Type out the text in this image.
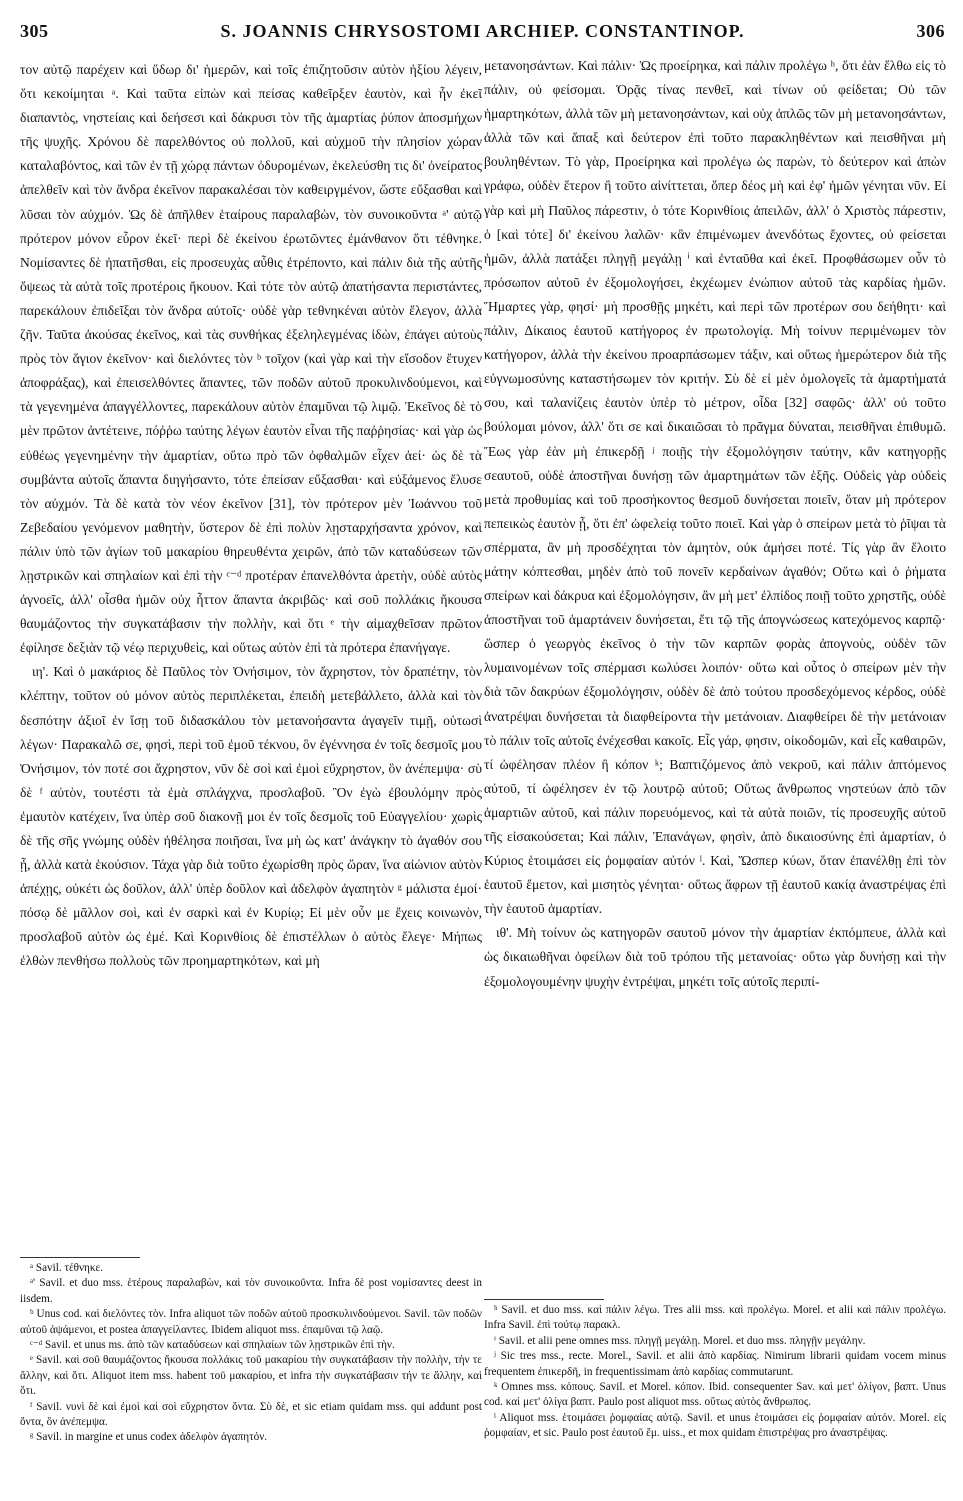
305	S. JOANNIS CHRYSOSTOMI ARCHIEP. CONSTANTINOP.	306

τον αὐτῷ παρέχειν καὶ ὕδωρ δι' ἡμερῶν, καὶ τοῖς ἐπιζητοῦσιν αὐτὸν ἠξίου λέγειν, ὅτι κεκοίμηται ᵃ. Καὶ ταῦτα εἰπὼν καὶ πείσας καθεῖρξεν ἑαυτὸν, καὶ ἦν ἐκεῖ διαπαντὸς, νηστείαις καὶ δεήσεσι καὶ δάκρυσι τὸν τῆς ἁμαρτίας ῥύπον ἀποσμήχων τῆς ψυχῆς. Χρόνου δὲ παρελθόντος οὐ πολλοῦ, καὶ αὐχμοῦ τὴν πλησίον χώραν καταλαβόντος, καὶ τῶν ἐν τῇ χώρᾳ πάντων ὀδυρομένων, ἐκελεύσθη τις δι' ὀνείρατος ἀπελθεῖν καὶ τὸν ἄνδρα ἐκεῖνον παρακαλέσαι τὸν καθειργμένον, ὥστε εὔξασθαι καὶ λῦσαι τὸν αὐχμόν. Ὡς δὲ ἀπῆλθεν ἑταίρους παραλαβὼν, τὸν συνοικοῦντα ᵃ' αὐτῷ πρότερον μόνον εὗρον ἐκεῖ· περὶ δὲ ἐκείνου ἐρωτῶντες ἐμάνθανον ὅτι τέθνηκε. Νομίσαντες δὲ ἠπατῆσθαι, εἰς προσευχὰς αὖθις ἐτρέποντο, καὶ πάλιν διὰ τῆς αὐτῆς ὄψεως τὰ αὐτὰ τοῖς προτέροις ἤκουον. Καὶ τότε τὸν αὐτῷ ἀπατήσαντα περιστάντες, παρεκάλουν ἐπιδεῖξαι τὸν ἄνδρα αὐτοῖς· οὐδὲ γὰρ τεθνηκέναι αὐτὸν ἔλεγον, ἀλλὰ ζῆν. Ταῦτα ἀκούσας ἐκεῖνος, καὶ τὰς συνθήκας ἐξεληλεγμένας ἰδὼν, ἐπάγει αὐτοὺς πρὸς τὸν ἅγιον ἐκεῖνον· καὶ διελόντες τὸν ᵇ τοῖχον (καὶ γὰρ καὶ τὴν εἴσοδον ἔτυχεν ἀποφράξας), καὶ ἐπεισελθόντες ἅπαντες, τῶν ποδῶν αὐτοῦ προκυλινδούμενοι, καὶ τὰ γεγενημένα ἀπαγγέλλοντες, παρεκάλουν αὐτὸν ἐπαμῦναι τῷ λιμῷ. Ἐκεῖνος δὲ τὸ μὲν πρῶτον ἀντέτεινε, πόῤῥω ταύτης λέγων ἑαυτὸν εἶναι τῆς παῤῥησίας· καὶ γὰρ ὡς εὐθέως γεγενημένην τὴν ἁμαρτίαν, οὕτω πρὸ τῶν ὀφθαλμῶν εἶχεν ἀεί· ὡς δὲ τὰ συμβάντα αὐτοῖς ἅπαντα διηγήσαντο, τότε ἐπείσαν εὔξασθαι· καὶ εὐξάμενος ἔλυσε τὸν αὐχμόν. Τὰ δὲ κατὰ τὸν νέον ἐκεῖνον [31], τὸν πρότερον μὲν Ἰωάννου τοῦ Ζεβεδαίου γενόμενον μαθητὴν, ὕστερον δὲ ἐπὶ πολὺν λῃσταρχήσαντα χρόνον, καὶ πάλιν ὑπὸ τῶν ἁγίων τοῦ μακαρίου θηρευθέντα χειρῶν, ἀπὸ τῶν καταδύσεων τῶν λῃστρικῶν καὶ σπηλαίων καὶ ἐπὶ τὴν ᶜ⁻ᵈ προτέραν ἐπανελθόντα ἀρετὴν, οὐδὲ αὐτὸς ἀγνοεῖς, ἀλλ' οἶσθα ἡμῶν οὐχ ἧττον ἅπαντα ἀκριβῶς· καὶ σοῦ πολλάκις ἤκουσα θαυμάζοντος τὴν συγκατάβασιν τὴν πολλὴν, καὶ ὅτι ᵉ τὴν αἱμαχθεῖσαν πρῶτον ἐφίλησε δεξιὰν τῷ νέῳ περιχυθεὶς, καὶ οὕτως αὐτὸν ἐπὶ τὰ πρότερα ἐπανήγαγε.

ιη'. Καὶ ὁ μακάριος δὲ Παῦλος τὸν Ὀνήσιμον, τὸν ἄχρηστον, τὸν δραπέτην, τὸν κλέπτην, τοῦτον οὐ μόνον αὐτὸς περιπλέκεται, ἐπειδὴ μετεβάλλετο, ἀλλὰ καὶ τὸν δεσπότην ἀξιοῖ ἐν ἴσῃ τοῦ διδασκάλου τὸν μετανοήσαντα ἀγαγεῖν τιμῇ, οὑτωσὶ λέγων· Παρακαλῶ σε, φησὶ, περὶ τοῦ ἐμοῦ τέκνου, ὃν ἐγέννησα ἐν τοῖς δεσμοῖς μου Ὀνήσιμον, τόν ποτέ σοι ἄχρηστον, νῦν δὲ σοὶ καὶ ἐμοὶ εὔχρηστον, ὃν ἀνέπεμψα· σὺ δὲ ᶠ αὐτὸν, τουτέστι τὰ ἐμὰ σπλάγχνα, προσλαβοῦ. Ὃν ἐγὼ ἐβουλόμην πρὸς ἐμαυτὸν κατέχειν, ἵνα ὑπὲρ σοῦ διακονῇ μοι ἐν τοῖς δεσμοῖς τοῦ Εὐαγγελίου· χωρὶς δὲ τῆς σῆς γνώμης οὐδὲν ἠθέλησα ποιῆσαι, ἵνα μὴ ὡς κατ' ἀνάγκην τὸ ἀγαθόν σου ᾖ, ἀλλὰ κατὰ ἑκούσιον. Τάχα γὰρ διὰ τοῦτο ἐχωρίσθη πρὸς ὥραν, ἵνα αἰώνιον αὐτὸν ἀπέχῃς, οὐκέτι ὡς δοῦλον, ἀλλ' ὑπὲρ δοῦλον καὶ ἀδελφὸν ἀγαπητὸν ᵍ μάλιστα ἐμοί· πόσῳ δὲ μᾶλλον σοὶ, καὶ ἐν σαρκὶ καὶ ἐν Κυρίῳ; Εἰ μὲν οὖν με ἔχεις κοινωνὸν, προσλαβοῦ αὐτὸν ὡς ἐμέ. Καὶ Κορινθίοις δὲ ἐπιστέλλων ὁ αὐτὸς ἔλεγε· Μήπως ἐλθὼν πενθήσω πολλοὺς τῶν προημαρτηκότων, καὶ μὴ

μετανοησάντων. Καὶ πάλιν· Ὡς προείρηκα, καὶ πάλιν προλέγω ʰ, ὅτι ἐὰν ἔλθω εἰς τὸ πάλιν, οὐ φείσομαι. Ὁρᾷς τίνας πενθεῖ, καὶ τίνων οὐ φείδεται; Οὐ τῶν ἡμαρτηκότων, ἀλλὰ τῶν μὴ μετανοησάντων, καὶ οὐχ ἁπλῶς τῶν μὴ μετανοησάντων, ἀλλὰ τῶν καὶ ἅπαξ καὶ δεύτερον ἐπὶ τοῦτο παρακληθέντων καὶ πεισθῆναι μὴ βουληθέντων. Τὸ γὰρ, Προείρηκα καὶ προλέγω ὡς παρὼν, τὸ δεύτερον καὶ ἀπὼν γράφω, οὐδὲν ἕτερον ἢ τοῦτο αἰνίττεται, ὅπερ δέος μὴ καὶ ἐφ' ἡμῶν γένηται νῦν. Εἰ γὰρ καὶ μὴ Παῦλος πάρεστιν, ὁ τότε Κορινθίοις ἀπειλῶν, ἀλλ' ὁ Χριστὸς πάρεστιν, ὁ [καὶ τότε] δι' ἐκείνου λαλῶν· κἂν ἐπιμένωμεν ἀνενδότως ἔχοντες, οὐ φείσεται ἡμῶν, ἀλλὰ πατάξει πληγῇ μεγάλῃ ⁱ καὶ ἐνταῦθα καὶ ἐκεῖ. Προφθάσωμεν οὖν τὸ πρόσωπον αὐτοῦ ἐν ἐξομολογήσει, ἐκχέωμεν ἐνώπιον αὐτοῦ τὰς καρδίας ἡμῶν. Ἥμαρτες γὰρ, φησί· μὴ προσθῇς μηκέτι, καὶ περὶ τῶν προτέρων σου δεήθητι· καὶ πάλιν, Δίκαιος ἑαυτοῦ κατήγορος ἐν πρωτολογίᾳ. Μὴ τοίνυν περιμένωμεν τὸν κατήγορον, ἀλλὰ τὴν ἐκείνου προαρπάσωμεν τάξιν, καὶ οὕτως ἡμερώτερον διὰ τῆς εὐγνωμοσύνης καταστήσωμεν τὸν κριτήν. Σὺ δὲ εἰ μὲν ὁμολογεῖς τὰ ἁμαρτήματά σου, καὶ ταλανίζεις ἑαυτὸν ὑπὲρ τὸ μέτρον, οἶδα [32] σαφῶς· ἀλλ' οὐ τοῦτο βούλομαι μόνον, ἀλλ' ὅτι σε καὶ δικαιῶσαι τὸ πρᾶγμα δύναται, πεισθῆναι ἐπιθυμῶ. Ἕως γὰρ ἐὰν μὴ ἐπικερδῇ ʲ ποιῇς τὴν ἐξομολόγησιν ταύτην, κἂν κατηγορῇς σεαυτοῦ, οὐδὲ ἀποστῆναι δυνήσῃ τῶν ἁμαρτημάτων τῶν ἑξῆς. Οὐδεὶς γὰρ οὐδεὶς μετὰ προθυμίας καὶ τοῦ προσήκοντος θεσμοῦ δυνήσεται ποιεῖν, ὅταν μὴ πρότερον πεπεικὼς ἑαυτὸν ᾖ, ὅτι ἐπ' ὠφελείᾳ τοῦτο ποιεῖ. Καὶ γὰρ ὁ σπείρων μετὰ τὸ ῥῖψαι τὰ σπέρματα, ἂν μὴ προσδέχηται τὸν ἀμητὸν, οὐκ ἀμήσει ποτέ. Τίς γὰρ ἂν ἕλοιτο μάτην κόπτεσθαι, μηδὲν ἀπὸ τοῦ πονεῖν κερδαίνων ἀγαθόν; Οὕτω καὶ ὁ ῥήματα σπείρων καὶ δάκρυα καὶ ἐξομολόγησιν, ἂν μὴ μετ' ἐλπίδος ποιῇ τοῦτο χρηστῆς, οὐδὲ ἀποστῆναι τοῦ ἁμαρτάνειν δυνήσεται, ἔτι τῷ τῆς ἀπογνώσεως κατεχόμενος καρπῷ· ὥσπερ ὁ γεωργὸς ἐκεῖνος ὁ τὴν τῶν καρπῶν φορὰς ἀπογνοὺς, οὐδὲν τῶν λυμαινομένων τοῖς σπέρμασι κωλύσει λοιπόν· οὕτω καὶ οὗτος ὁ σπείρων μὲν τὴν διὰ τῶν δακρύων ἐξομολόγησιν, οὐδὲν δὲ ἀπὸ τούτου προσδεχόμενος κέρδος, οὐδὲ ἀνατρέψαι δυνήσεται τὰ διαφθείροντα τὴν μετάνοιαν. Διαφθείρει δὲ τὴν μετάνοιαν τὸ πάλιν τοῖς αὐτοῖς ἐνέχεσθαι κακοῖς. Εἷς γάρ, φησιν, οἰκοδομῶν, καὶ εἷς καθαιρῶν, τί ὠφέλησαν πλέον ἢ κόπον ᵏ; Βαπτιζόμενος ἀπὸ νεκροῦ, καὶ πάλιν ἁπτόμενος αὐτοῦ, τί ὠφέλησεν ἐν τῷ λουτρῷ αὐτοῦ; Οὕτως ἄνθρωπος νηστεύων ἀπὸ τῶν ἁμαρτιῶν αὐτοῦ, καὶ πάλιν πορευόμενος, καὶ τὰ αὐτὰ ποιῶν, τίς προσευχῆς αὐτοῦ τῆς εἰσακούσεται; Καὶ πάλιν, Ἐπανάγων, φησὶν, ἀπὸ δικαιοσύνης ἐπὶ ἁμαρτίαν, ὁ Κύριος ἑτοιμάσει εἰς ῥομφαίαν αὐτόν ˡ. Καὶ, Ὥσπερ κύων, ὅταν ἐπανέλθῃ ἐπὶ τὸν ἑαυτοῦ ἔμετον, καὶ μισητὸς γένηται· οὕτως ἄφρων τῇ ἑαυτοῦ κακίᾳ ἀναστρέψας ἐπὶ τὴν ἑαυτοῦ ἁμαρτίαν.

ιθ'. Μὴ τοίνυν ὡς κατηγορῶν σαυτοῦ μόνον τὴν ἁμαρτίαν ἐκπόμπευε, ἀλλὰ καὶ ὡς δικαιωθῆναι ὀφείλων διὰ τοῦ τρόπου τῆς μετανοίας· οὕτω γὰρ δυνήσῃ καὶ τὴν ἐξομολογουμένην ψυχὴν ἐντρέψαι, μηκέτι τοῖς αὐτοῖς περιπί-

ᵃ Savil. τέθνηκε.

ᵃ' Savil. et duo mss. ἑτέρους παραλαβὼν, καὶ τὸν συνοικοῦντα. Infra δὲ post νομίσαντες deest in iisdem.

ᵇ Unus cod. καὶ διελόντες τὸν. Infra aliquot τῶν ποδῶν αὐτοῦ προσκυλινδούμενοι. Savil. τῶν ποδῶν αὐτοῦ ἀψάμενοι, et postea ἀπαγγείλαντες. Ibidem aliquot mss. ἐπαμῦναι τῷ λαῷ.

ᶜ⁻ᵈ Savil. et unus ms. ἀπὸ τῶν καταδύσεων καὶ σπηλαίων τῶν λῃστρικῶν ἐπὶ τὴν.

ᵉ Savil. καὶ σοῦ θαυμάζοντος ἤκουσα πολλάκις τοῦ μακαρίου τὴν συγκατάβασιν τὴν πολλὴν, τὴν τε ἄλλην, καὶ ὅτι. Aliquot item mss. habent τοῦ μακαρίου, et infra τὴν συγκατάβασιν τήν τε ἄλλην, καὶ ὅτι.

ᶠ Savil. νυνὶ δὲ καὶ ἐμοὶ καὶ σοὶ εὔχρηστον ὄντα. Σὺ δὲ, et sic etiam quidam mss. qui addunt post ὄντα, ὃν ἀνέπεμψα.

ᵍ Savil. in margine et unus codex ἀδελφὸν ἀγαπητόν.

ʰ Savil. et duo mss. καὶ πάλιν λέγω. Tres alii mss. καὶ προλέγω. Morel. et alii καὶ πάλιν προλέγω. Infra Savil. ἐπὶ τούτῳ παρακλ.

ⁱ Savil. et alii pene omnes mss. πληγῇ μεγάλῃ. Morel. et duo mss. πληγῇν μεγάλην.

ʲ Sic tres mss., recte. Morel., Savil. et alii ἀπὸ καρδίας. Nimirum librarii quidam vocem minus frequentem ἐπικερδῆ, in frequentissimam ἀπὸ καρδίας commutarunt.

ᵏ Omnes mss. κόπους. Savil. et Morel. κόπον. Ibid. consequenter Sav. καὶ μετ' ὀλίγον, βαπτ. Unus cod. καὶ μετ' ὀλίγα βαπτ. Paulo post aliquot mss. οὕτως αὐτὸς ἄνθρωπος.

ˡ Aliquot mss. ἑτοιμάσει ῥομφαίας αὐτῷ. Savil. et unus ἑτοιμάσει εἰς ῥομφαίαν αὐτόν. Morel. εἰς ῥομφαίαν, et sic. Paulo post ἑαυτοῦ ἔμ. uiss., et mox quidam ἐπιστρέψας pro ἀναστρέψας.
